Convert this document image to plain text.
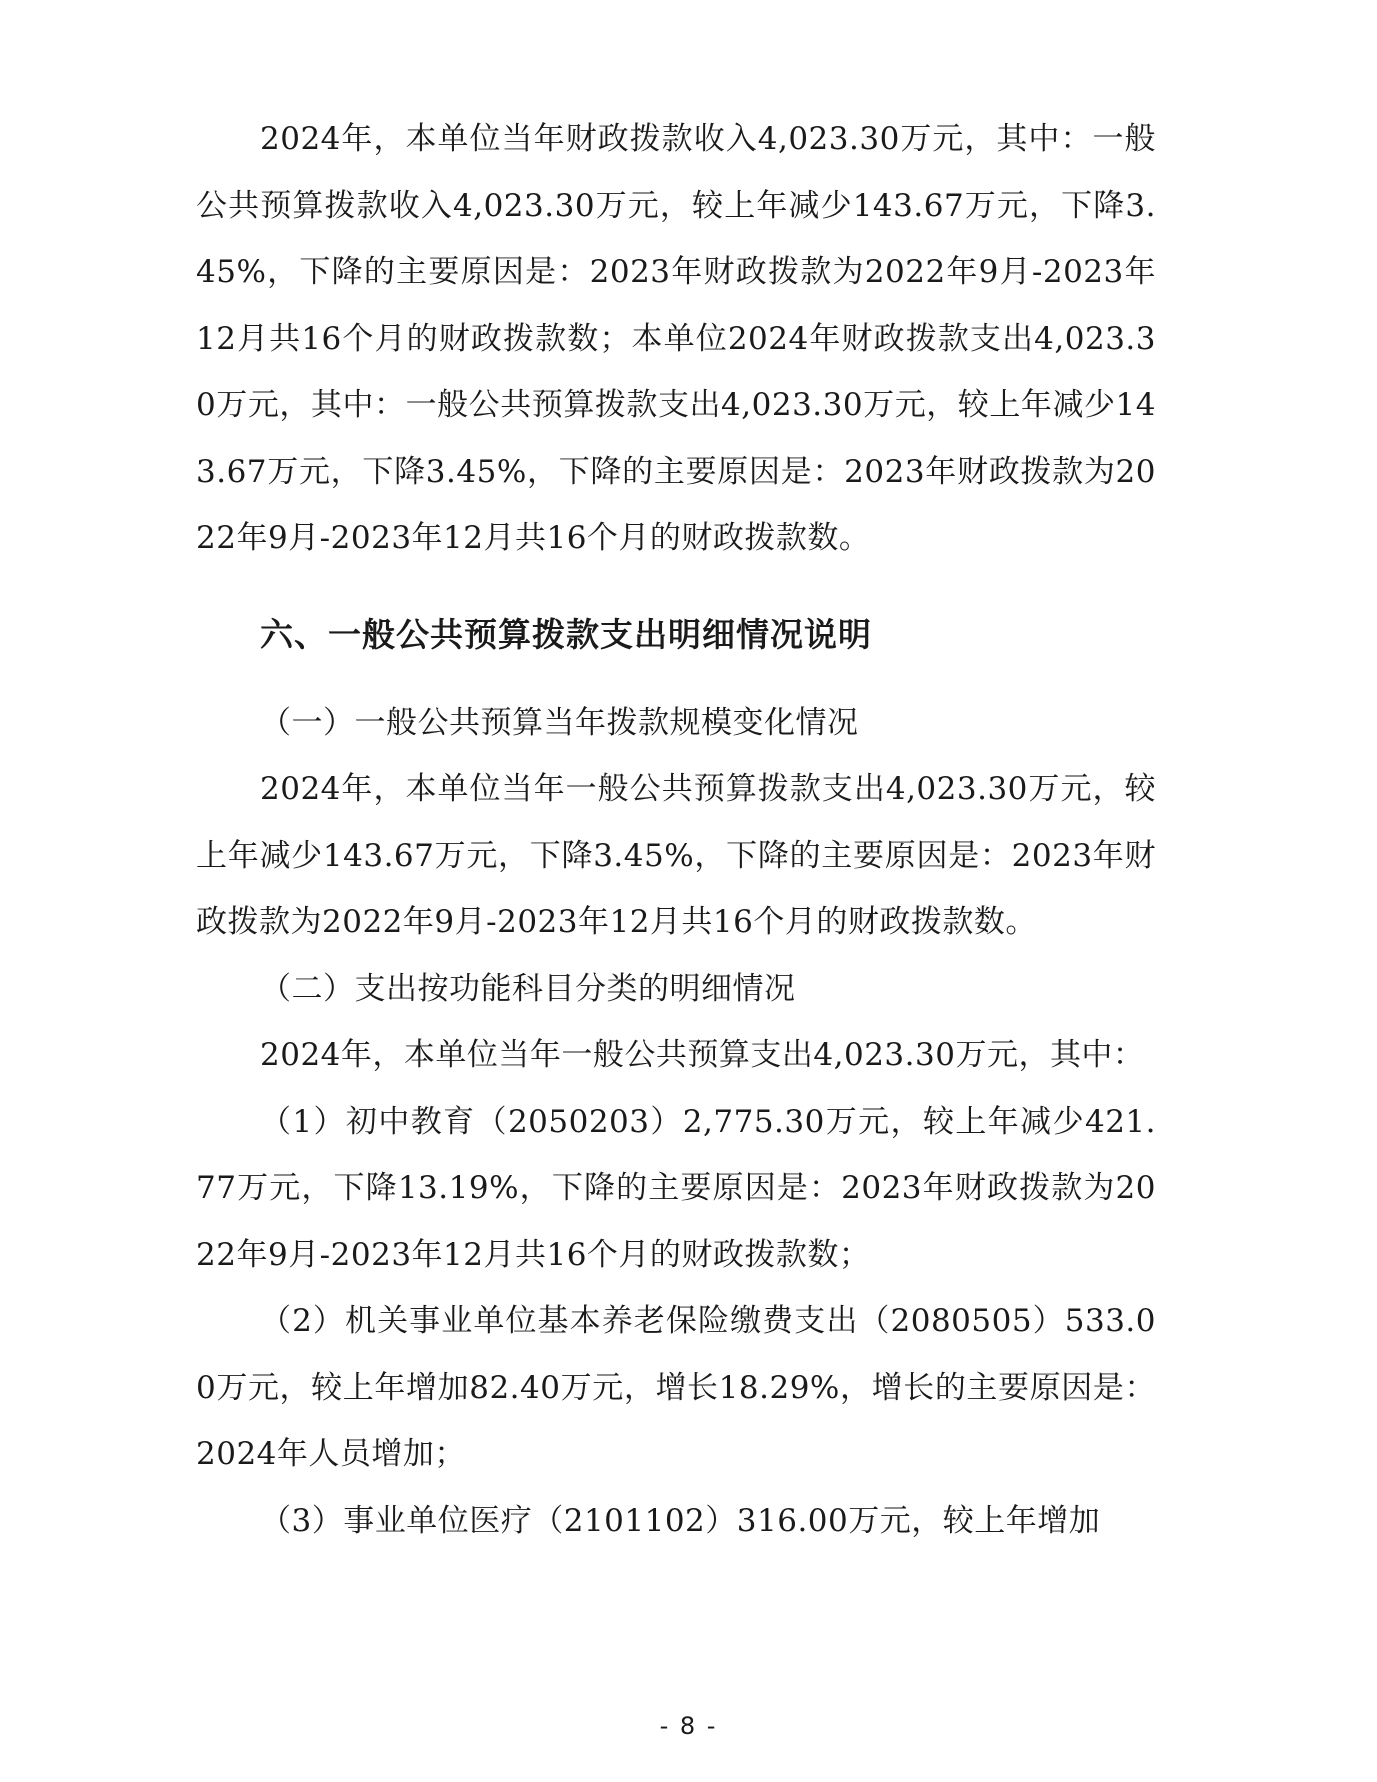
2024年，本单位当年财政拨款收入4,023.30万元，其中：一般公共预算拨款收入4,023.30万元，较上年减少143.67万元，下降3.45%，下降的主要原因是：2023年财政拨款为2022年9月-2023年12月共16个月的财政拨款数；本单位2024年财政拨款支出4,023.30万元，其中：一般公共预算拨款支出4,023.30万元，较上年减少143.67万元，下降3.45%，下降的主要原因是：2023年财政拨款为2022年9月-2023年12月共16个月的财政拨款数。

六、一般公共预算拨款支出明细情况说明

（一）一般公共预算当年拨款规模变化情况

2024年，本单位当年一般公共预算拨款支出4,023.30万元，较上年减少143.67万元，下降3.45%，下降的主要原因是：2023年财政拨款为2022年9月-2023年12月共16个月的财政拨款数。

（二）支出按功能科目分类的明细情况

2024年，本单位当年一般公共预算支出4,023.30万元，其中：

（1）初中教育（2050203）2,775.30万元，较上年减少421.77万元，下降13.19%，下降的主要原因是：2023年财政拨款为2022年9月-2023年12月共16个月的财政拨款数；

（2）机关事业单位基本养老保险缴费支出（2080505）533.00万元，较上年增加82.40万元，增长18.29%，增长的主要原因是：2024年人员增加；

（3）事业单位医疗（2101102）316.00万元，较上年增加

- 8 -
